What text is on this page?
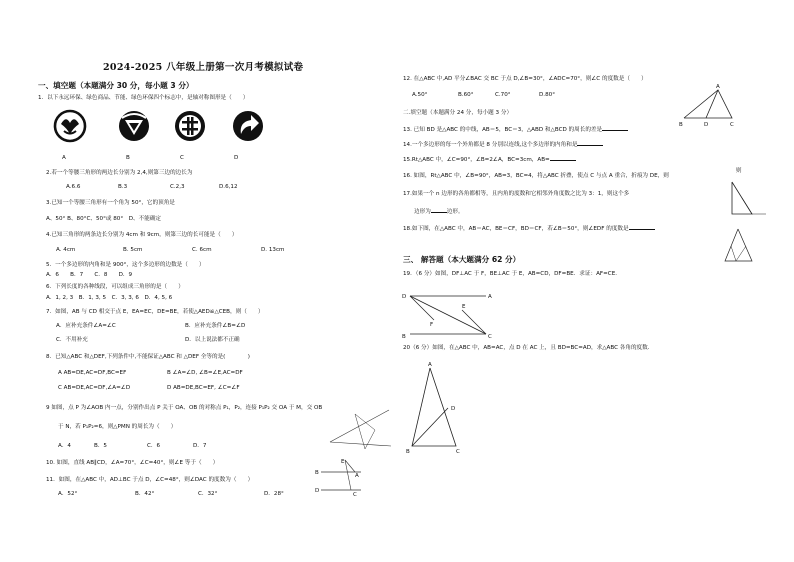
2024-2025 八年级上册第一次月考模拟试卷
一、填空题（本题满分 30 分，每小题 3 分）
1．以下永远环保、绿色商品、节能、绿色环保四个标志中，是轴对称图形是（　　）
A	B	C	D
2.若一个等腰三角形的两边长分别为 2,4,则第三边的边长为
A.6.6	B.3	C.2,3	D.6,12
3.已知一个等腰三角形有一个角为 50°，它的顶角是
A、50° B、80°C、50°或 80°　D、不能确定
4.已知三角形的两条边长分别为 4cm 和 9cm，则第三边的长可能是（　　）
A. 4cm	B. 5cm	C. 6cm	D. 13cm
5．一个多边形的内角和是 900°，这个多边形的边数是（　　）
A．6　　B．7　　C．8　　D．9
6．下列长度的各种线段，可以组成三角形的是（　　）
A．1, 2, 3　B．1, 3, 5　C．3, 3, 6　D．4, 5, 6
7．如图，AB 与 CD 相交于点 E，EA=EC，DE=BE，若使△AED≌△CEB，则（　　）
A．应补充条件∠A=∠C	B．应补充条件∠B=∠D
C．不用补充	D．以上说法都不正确
8．已知△ABC 和△DEF,下列条件中,不能保证△ABC 和 △DEF 全等的是(　　　　)
A AB=DE,AC=DF,BC=EF	B ∠A=∠D, ∠B=∠E,AC=DF
C AB=DE,AC=DF,∠A=∠D	D AB=DE,BC=EF, ∠C=∠F
9 如图，点 P 为∠AOB 内一点，分别作出点 P 关于 OA、OB 的对称点 P₁，P₂，连接 P₁P₂ 交 OA 于 M，交 OB
于 N，若 P₁P₂=6，则△PMN 的周长为（　　）
A．4	B．5	C．6	D．7
10. 如图，直线 AB∥CD，∠A=70°，∠C=40°，则∠E 等于（　　）
11．如图，在△ABC 中，AD⊥BC 于点 D，∠C=48°，则∠DAC 的度数为（　　）
A．52°	B．42°	C．32°	D．28°
E
B	A
D
C
12. 在△ABC 中,AD 平分∠BAC 交 BC 于点 D,∠B=30°，∠ADC=70°，则∠C 的度数是（　　）
A.50°	B.60°	C.70°	D.80°
A
B	D	C
二.填空题（本题满分 24 分，每小题 3 分）
13. 已知 BD 是△ABC 的中线，AB＝5，BC＝3，△ABD 和△BCD 的周长的差是
14.一个多边形的每一个外角都是 8 分别以连线,这个多边形的内角和是
15.Rt△ABC 中，∠C=90°，∠B=2∠A，BC=3cm，AB=
16. 如图，Rt△ABC 中，∠B=90°，AB=3，BC=4，将△ABC 折叠，使点 C 与点 A 重合，折痕为 DE，则
则
17.如果一个 n 边形的各角都相等，且内角的度数和它相邻外角度数之比为 3：1，则这个多
边形为	边形。
18.如下图，在△ABC 中，AB＝AC，BE＝CF，BD＝CF，若∠B＝50°，则∠EDF 的度数是
三、 解答题（本大题满分 62 分）
19．（6 分）如图，DF⊥AC 于 F，BE⊥AC 于 E，AB=CD，DF=BE．求证：AF=CE．
D
E
F
A
B	C
20（6 分）如图，在△ABC 中，AB=AC，点 D 在 AC 上，且 BD=BC=AD，求△ABC 各角的度数．
A
D
B	C
